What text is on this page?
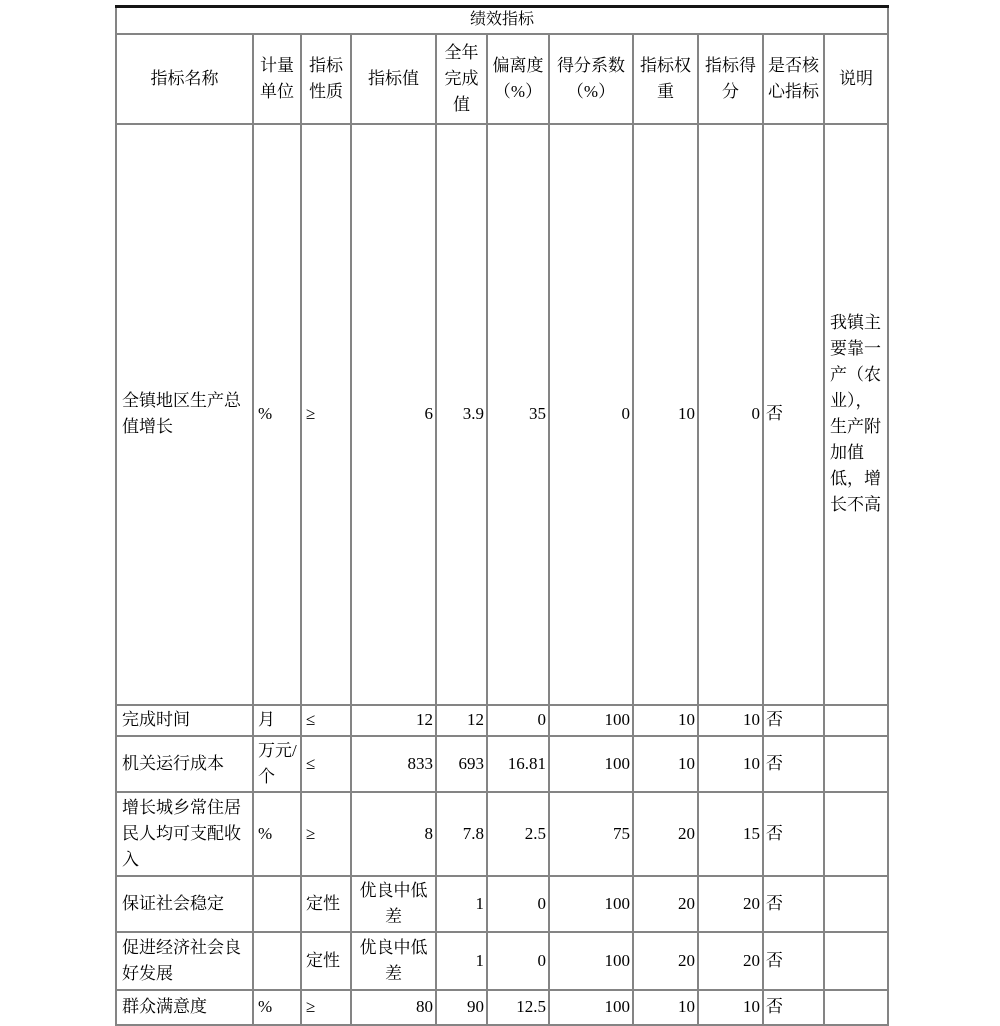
绩效指标										
指标名称	计量单位	指标性质	指标值	全年完成值	偏离度（%）	得分系数（%）	指标权重	指标得分	是否核心指标	说明
全镇地区生产总值增长	%	≥	6	3.9	35	0	10	0	否	我镇主要靠一产（农业），生产附加值低，增长不高
完成时间	月	≤	12	12	0	100	10	10	否	
机关运行成本	万元/个	≤	833	693	16.81	100	10	10	否	
增长城乡常住居民人均可支配收入	%	≥	8	7.8	2.5	75	20	15	否	
保证社会稳定		定性	优良中低差	1	0	100	20	20	否	
促进经济社会良好发展		定性	优良中低差	1	0	100	20	20	否	
群众满意度	%	≥	80	90	12.5	100	10	10	否	
